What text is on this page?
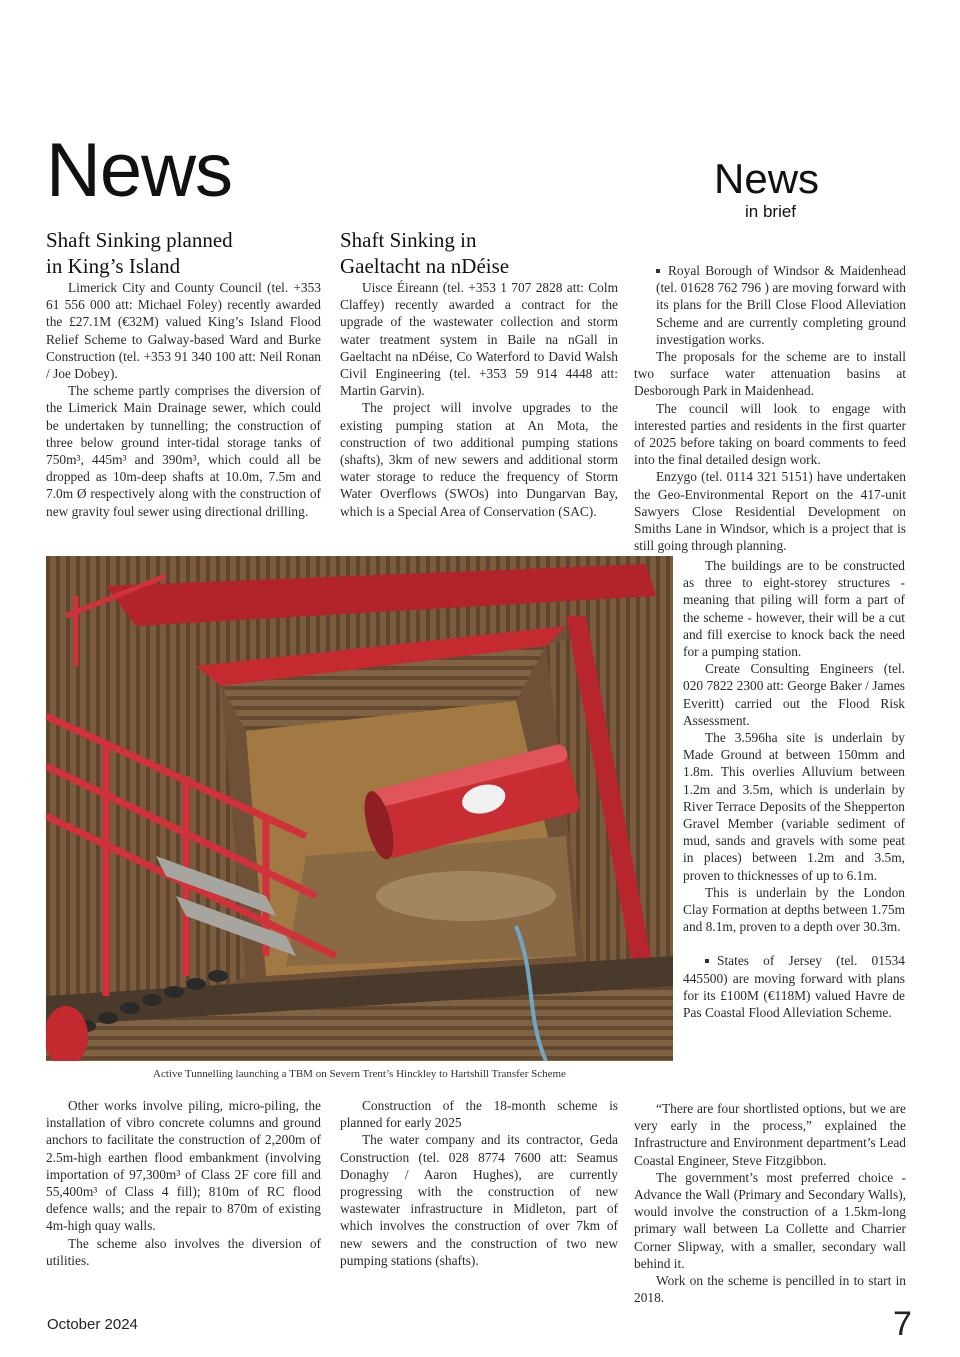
News	News
in brief
Shaft Sinking planned
in King’s Island

Limerick City and County Council (tel. +353 61 556 000 att: Michael Foley) recently awarded the £27.1M (€32M) valued King’s Island Flood Relief Scheme to Galway-based Ward and Burke Construction (tel. +353 91 340 100 att: Neil Ronan / Joe Dobey).

The scheme partly comprises the diversion of the Limerick Main Drainage sewer, which could be undertaken by tunnelling; the construction of three below ground inter-tidal storage tanks of 750m³, 445m³ and 390m³, which could all be dropped as 10m-deep shafts at 10.0m, 7.5m and 7.0m Ø respectively along with the construction of new gravity foul sewer using directional drilling.

Other works involve piling, micro-piling, the installation of vibro concrete columns and ground anchors to facilitate the construction of 2,200m of 2.5m-high earthen flood embankment (involving importation of 97,300m³ of Class 2F core fill and 55,400m³ of Class 4 fill); 810m of RC flood defence walls; and the repair to 870m of existing 4m-high quay walls.

The scheme also involves the diversion of utilities.

Shaft Sinking in
Gaeltacht na nDéise

Uisce Éireann (tel. +353 1 707 2828 att: Colm Claffey) recently awarded a contract for the upgrade of the wastewater collection and storm water treatment system in Baile na nGall in Gaeltacht na nDéise, Co Waterford to David Walsh Civil Engineering (tel. +353 59 914 4448 att: Martin Garvin).

The project will involve upgrades to the existing pumping station at An Mota, the construction of two additional pumping stations (shafts), 3km of new sewers and additional storm water storage to reduce the frequency of Storm Water Overflows (SWOs) into Dungarvan Bay, which is a Special Area of Conservation (SAC).

Construction of the 18-month scheme is planned for early 2025

The water company and its contractor, Geda Construction (tel. 028 8774 7600 att: Seamus Donaghy / Aaron Hughes), are currently progressing with the construction of new wastewater infrastructure in Midleton, part of which involves the construction of over 7km of new sewers and the construction of two new pumping stations (shafts).

Royal Borough of Windsor & Maidenhead (tel. 01628 762 796 ) are moving forward with its plans for the Brill Close Flood Alleviation Scheme and are currently completing ground investigation works.

The proposals for the scheme are to install two surface water attenuation basins at Desborough Park in Maidenhead.

The council will look to engage with interested parties and residents in the first quarter of 2025 before taking on board comments to feed into the final detailed design work.

Enzygo (tel. 0114 321 5151) have undertaken the Geo-Environmental Report on the 417-unit Sawyers Close Residential Development on Smiths Lane in Windsor, which is a project that is still going through planning.

The buildings are to be constructed as three to eight-storey structures - meaning that piling will form a part of the scheme - however, their will be a cut and fill exercise to knock back the need for a pumping station.

Create Consulting Engineers (tel. 020 7822 2300 att: George Baker / James Everitt) carried out the Flood Risk Assessment.

The 3.596ha site is underlain by Made Ground at between 150mm and 1.8m. This overlies Alluvium between 1.2m and 3.5m, which is underlain by River Terrace Deposits of the Shepperton Gravel Member (variable sediment of mud, sands and gravels with some peat in places) between 1.2m and 3.5m, proven to thicknesses of up to 6.1m.

This is underlain by the London Clay Formation at depths between 1.75m and 8.1m, proven to a depth over 30.3m.

States of Jersey (tel. 01534 445500) are moving forward with plans for its £100M (€118M) valued Havre de Pas Coastal Flood Alleviation Scheme.

“There are four shortlisted options, but we are very early in the process,” explained the Infrastructure and Environment department’s Lead Coastal Engineer, Steve Fitzgibbon.

The government’s most preferred choice - Advance the Wall (Primary and Secondary Walls), would involve the construction of a 1.5km-long primary wall between La Collette and Charrier Corner Slipway, with a smaller, secondary wall behind it.

Work on the scheme is pencilled in to start in 2018.

Active Tunnelling launching a TBM on Severn Trent’s Hinckley to Hartshill Transfer Scheme
October 2024	7
